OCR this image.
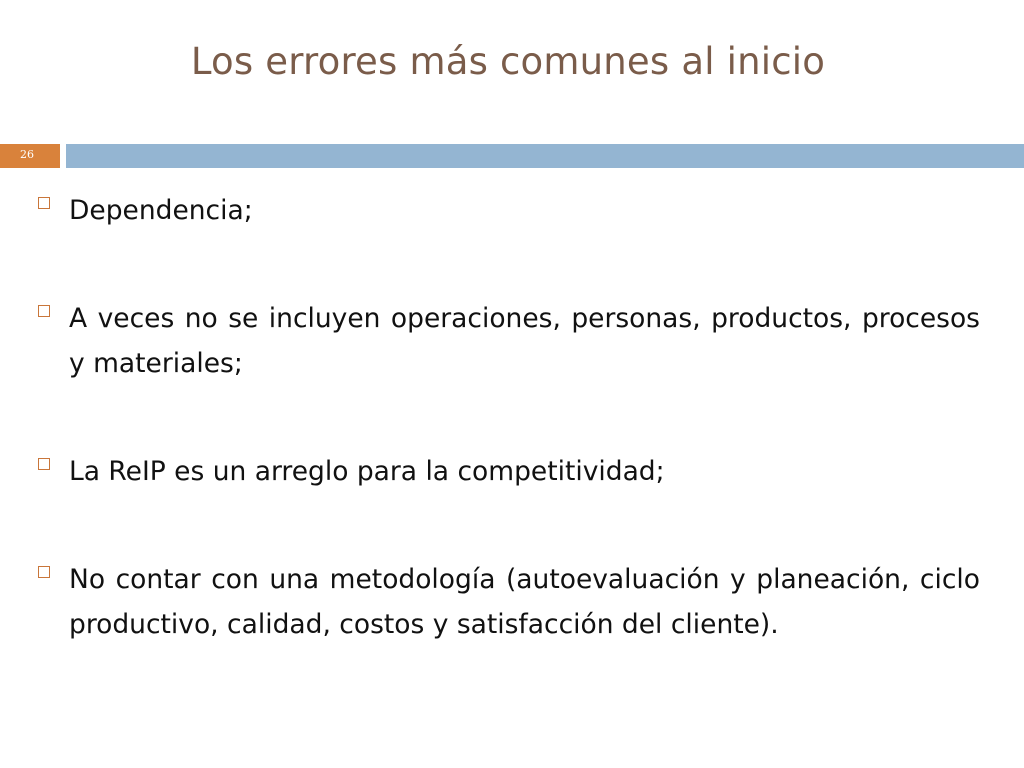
Los errores más comunes al inicio
26
Dependencia;
A veces no se incluyen operaciones, personas, productos, procesos y materiales;
La ReIP es un arreglo para la competitividad;
No contar con una metodología (autoevaluación y planeación, ciclo productivo, calidad, costos y satisfacción del cliente).
